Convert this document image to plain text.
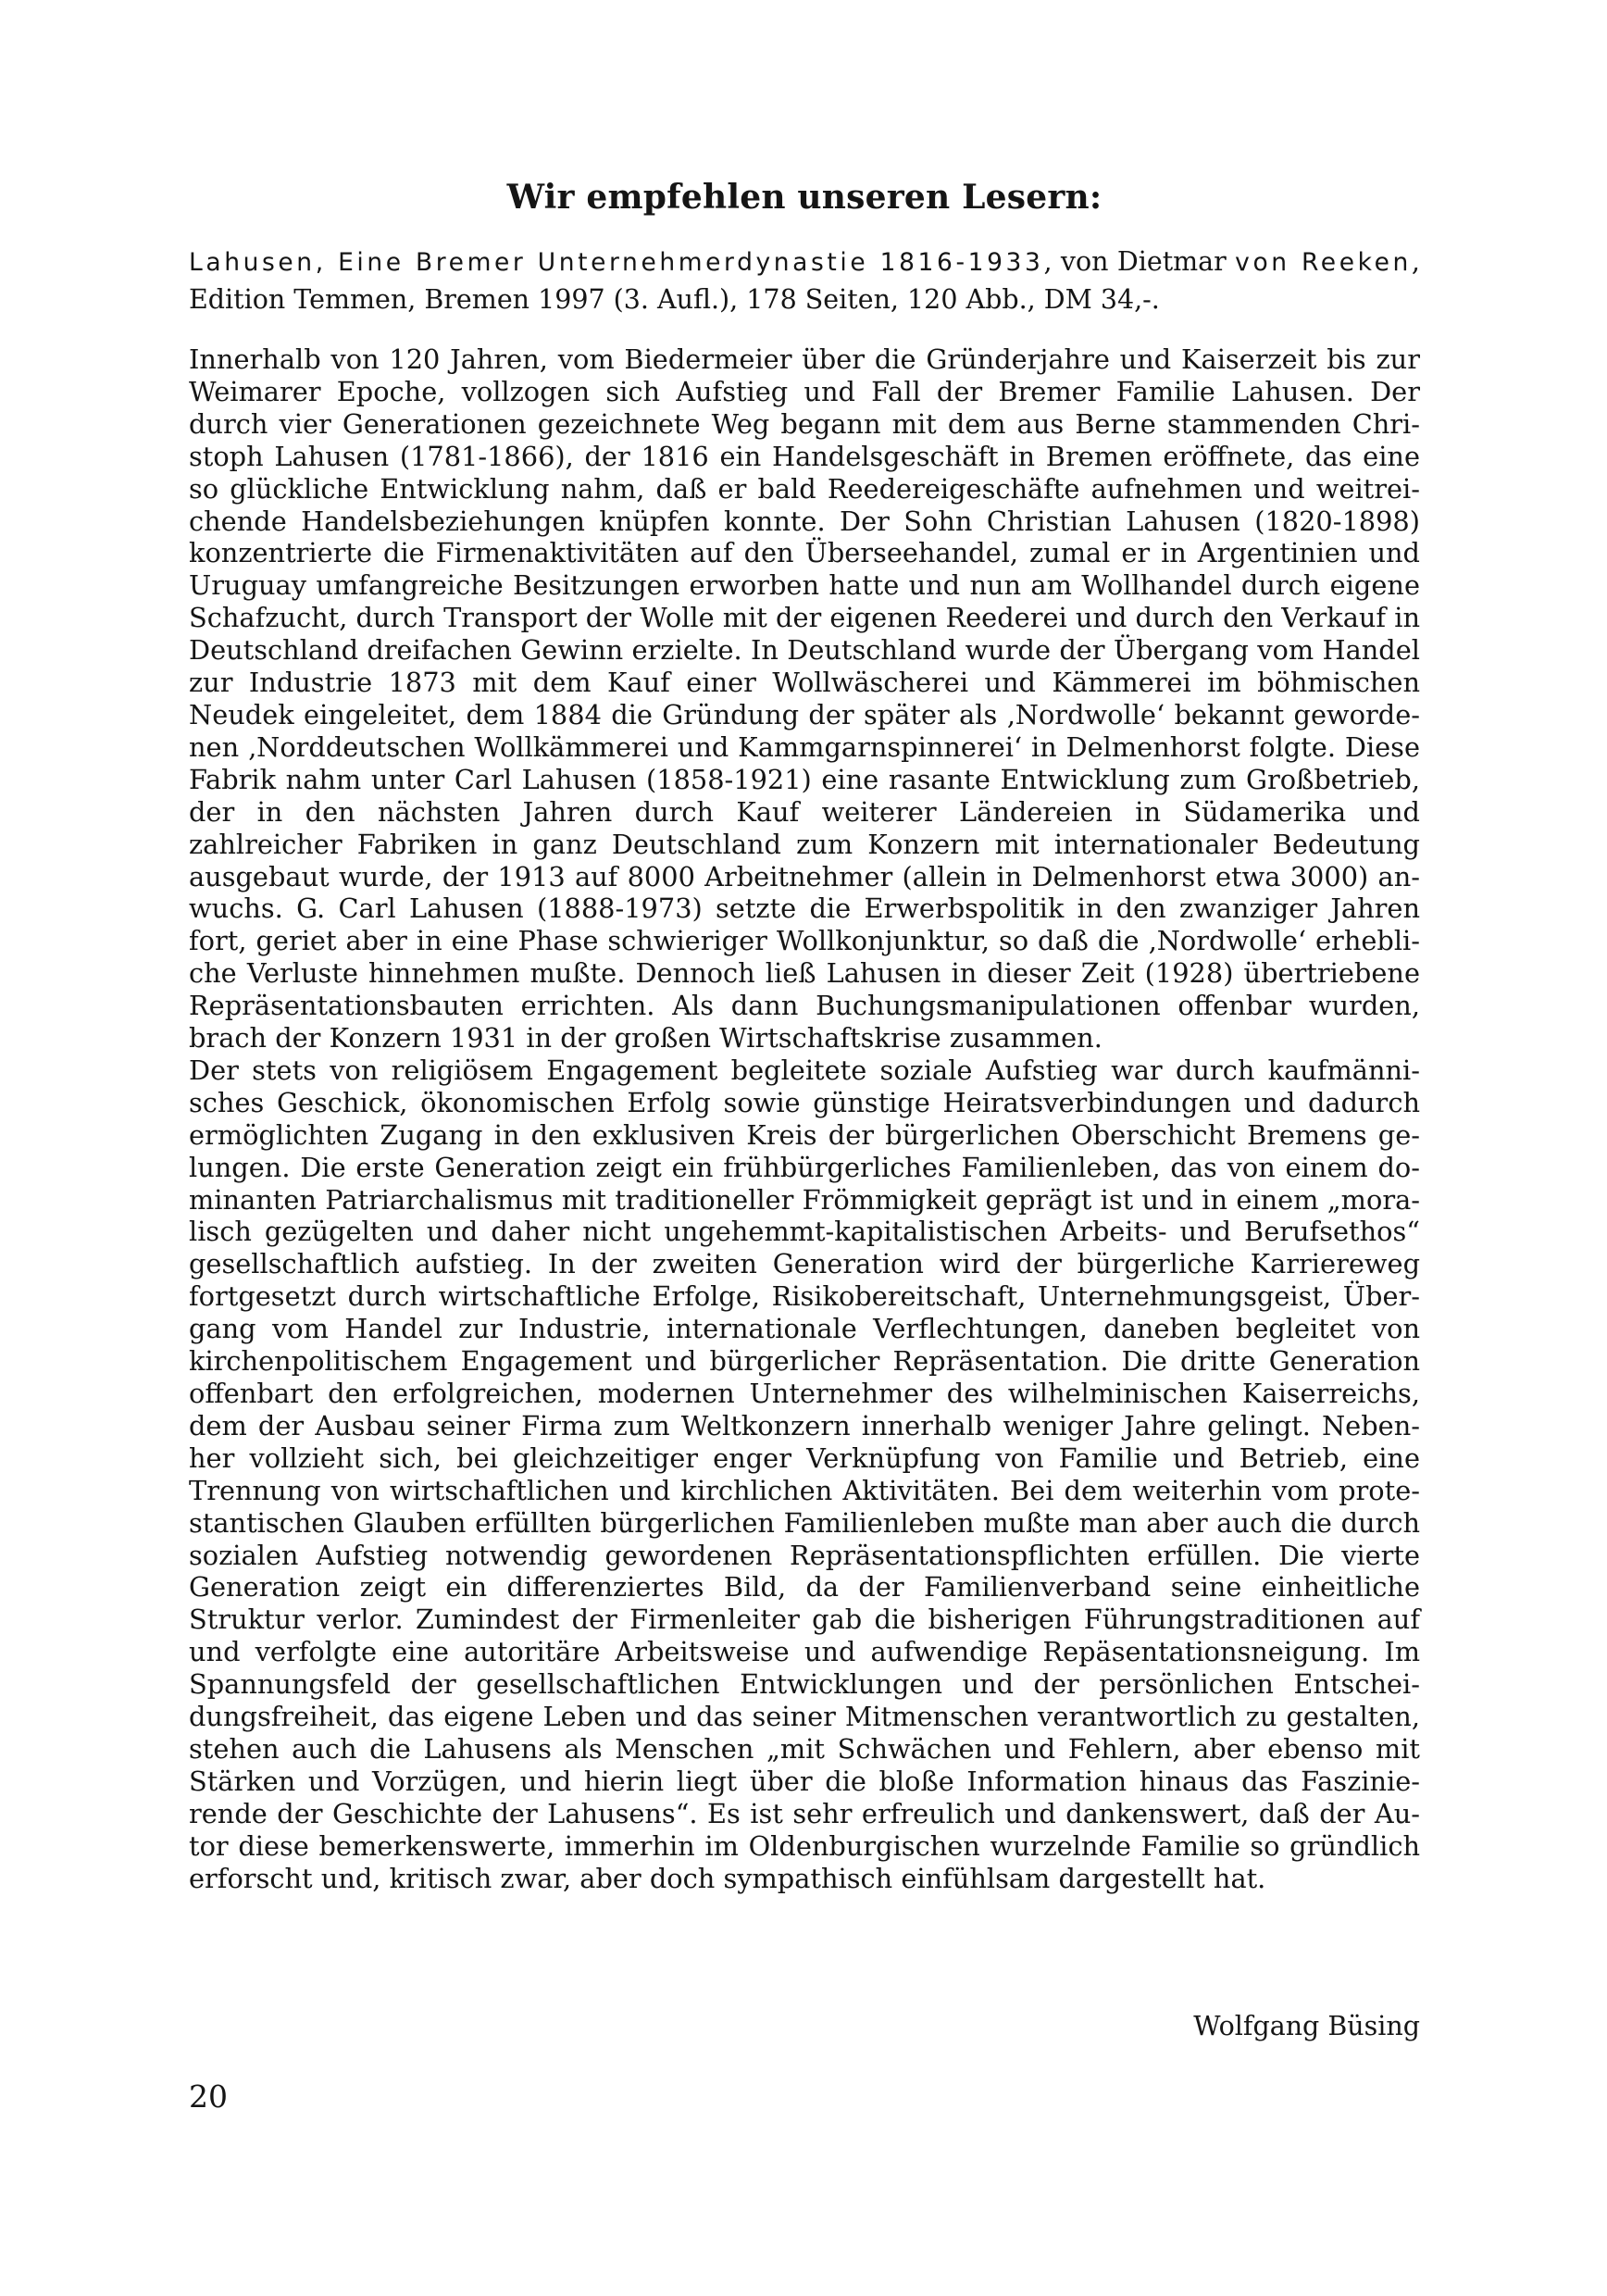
Wir empfehlen unseren Lesern:

Lahusen, Eine Bremer Unternehmerdynastie 1816-1933, von Dietmar von Reeken, Edition Temmen, Bremen 1997 (3. Aufl.), 178 Seiten, 120 Abb., DM 34,-.

Innerhalb von 120 Jahren, vom Biedermeier über die Gründerjahre und Kaiserzeit bis zur Weimarer Epoche, vollzogen sich Aufstieg und Fall der Bremer Familie Lahusen. Der durch vier Generationen gezeichnete Weg begann mit dem aus Berne stammenden Christoph Lahusen (1781-1866), der 1816 ein Handelsgeschäft in Bremen eröffnete, das eine so glückliche Entwicklung nahm, daß er bald Reedereigeschäfte aufnehmen und weitreichende Handelsbeziehungen knüpfen konnte. Der Sohn Christian Lahusen (1820-1898) konzentrierte die Firmenaktivitäten auf den Überseehandel, zumal er in Argentinien und Uruguay umfangreiche Besitzungen erworben hatte und nun am Wollhandel durch eigene Schafzucht, durch Transport der Wolle mit der eigenen Reederei und durch den Verkauf in Deutschland dreifachen Gewinn erzielte. In Deutschland wurde der Übergang vom Handel zur Industrie 1873 mit dem Kauf einer Wollwäscherei und Kämmerei im böhmischen Neudek eingeleitet, dem 1884 die Gründung der später als ‚Nordwolle‘ bekannt gewordenen ‚Norddeutschen Wollkämmerei und Kammgarnspinnerei‘ in Delmenhorst folgte. Diese Fabrik nahm unter Carl Lahusen (1858-1921) eine rasante Entwicklung zum Großbetrieb, der in den nächsten Jahren durch Kauf weiterer Ländereien in Südamerika und zahlreicher Fabriken in ganz Deutschland zum Konzern mit internationaler Bedeutung ausgebaut wurde, der 1913 auf 8000 Arbeitnehmer (allein in Delmenhorst etwa 3000) anwuchs. G. Carl Lahusen (1888-1973) setzte die Erwerbspolitik in den zwanziger Jahren fort, geriet aber in eine Phase schwieriger Wollkonjunktur, so daß die ‚Nordwolle‘ erhebliche Verluste hinnehmen mußte. Dennoch ließ Lahusen in dieser Zeit (1928) übertriebene Repräsentationsbauten errichten. Als dann Buchungsmanipulationen offenbar wurden, brach der Konzern 1931 in der großen Wirtschaftskrise zusammen.

Der stets von religiösem Engagement begleitete soziale Aufstieg war durch kaufmännisches Geschick, ökonomischen Erfolg sowie günstige Heiratsverbindungen und dadurch ermöglichten Zugang in den exklusiven Kreis der bürgerlichen Oberschicht Bremens gelungen. Die erste Generation zeigt ein frühbürgerliches Familienleben, das von einem dominanten Patriarchalismus mit traditioneller Frömmigkeit geprägt ist und in einem „moralisch gezügelten und daher nicht ungehemmt-kapitalistischen Arbeits- und Berufsethos“ gesellschaftlich aufstieg. In der zweiten Generation wird der bürgerliche Karriereweg fortgesetzt durch wirtschaftliche Erfolge, Risikobereitschaft, Unternehmungsgeist, Übergang vom Handel zur Industrie, internationale Verflechtungen, daneben begleitet von kirchenpolitischem Engagement und bürgerlicher Repräsentation. Die dritte Generation offenbart den erfolgreichen, modernen Unternehmer des wilhelminischen Kaiserreichs, dem der Ausbau seiner Firma zum Weltkonzern innerhalb weniger Jahre gelingt. Nebenher vollzieht sich, bei gleichzeitiger enger Verknüpfung von Familie und Betrieb, eine Trennung von wirtschaftlichen und kirchlichen Aktivitäten. Bei dem weiterhin vom protestantischen Glauben erfüllten bürgerlichen Familienleben mußte man aber auch die durch sozialen Aufstieg notwendig gewordenen Repräsentationspflichten erfüllen. Die vierte Generation zeigt ein differenziertes Bild, da der Familienverband seine einheitliche Struktur verlor. Zumindest der Firmenleiter gab die bisherigen Führungstraditionen auf und verfolgte eine autoritäre Arbeitsweise und aufwendige Repäsentationsneigung. Im Spannungsfeld der gesellschaftlichen Entwicklungen und der persönlichen Entscheidungsfreiheit, das eigene Leben und das seiner Mitmenschen verantwortlich zu gestalten, stehen auch die Lahusens als Menschen „mit Schwächen und Fehlern, aber ebenso mit Stärken und Vorzügen, und hierin liegt über die bloße Information hinaus das Faszinierende der Geschichte der Lahusens“. Es ist sehr erfreulich und dankenswert, daß der Autor diese bemerkenswerte, immerhin im Oldenburgischen wurzelnde Familie so gründlich erforscht und, kritisch zwar, aber doch sympathisch einfühlsam dargestellt hat.

Wolfgang Büsing

20
